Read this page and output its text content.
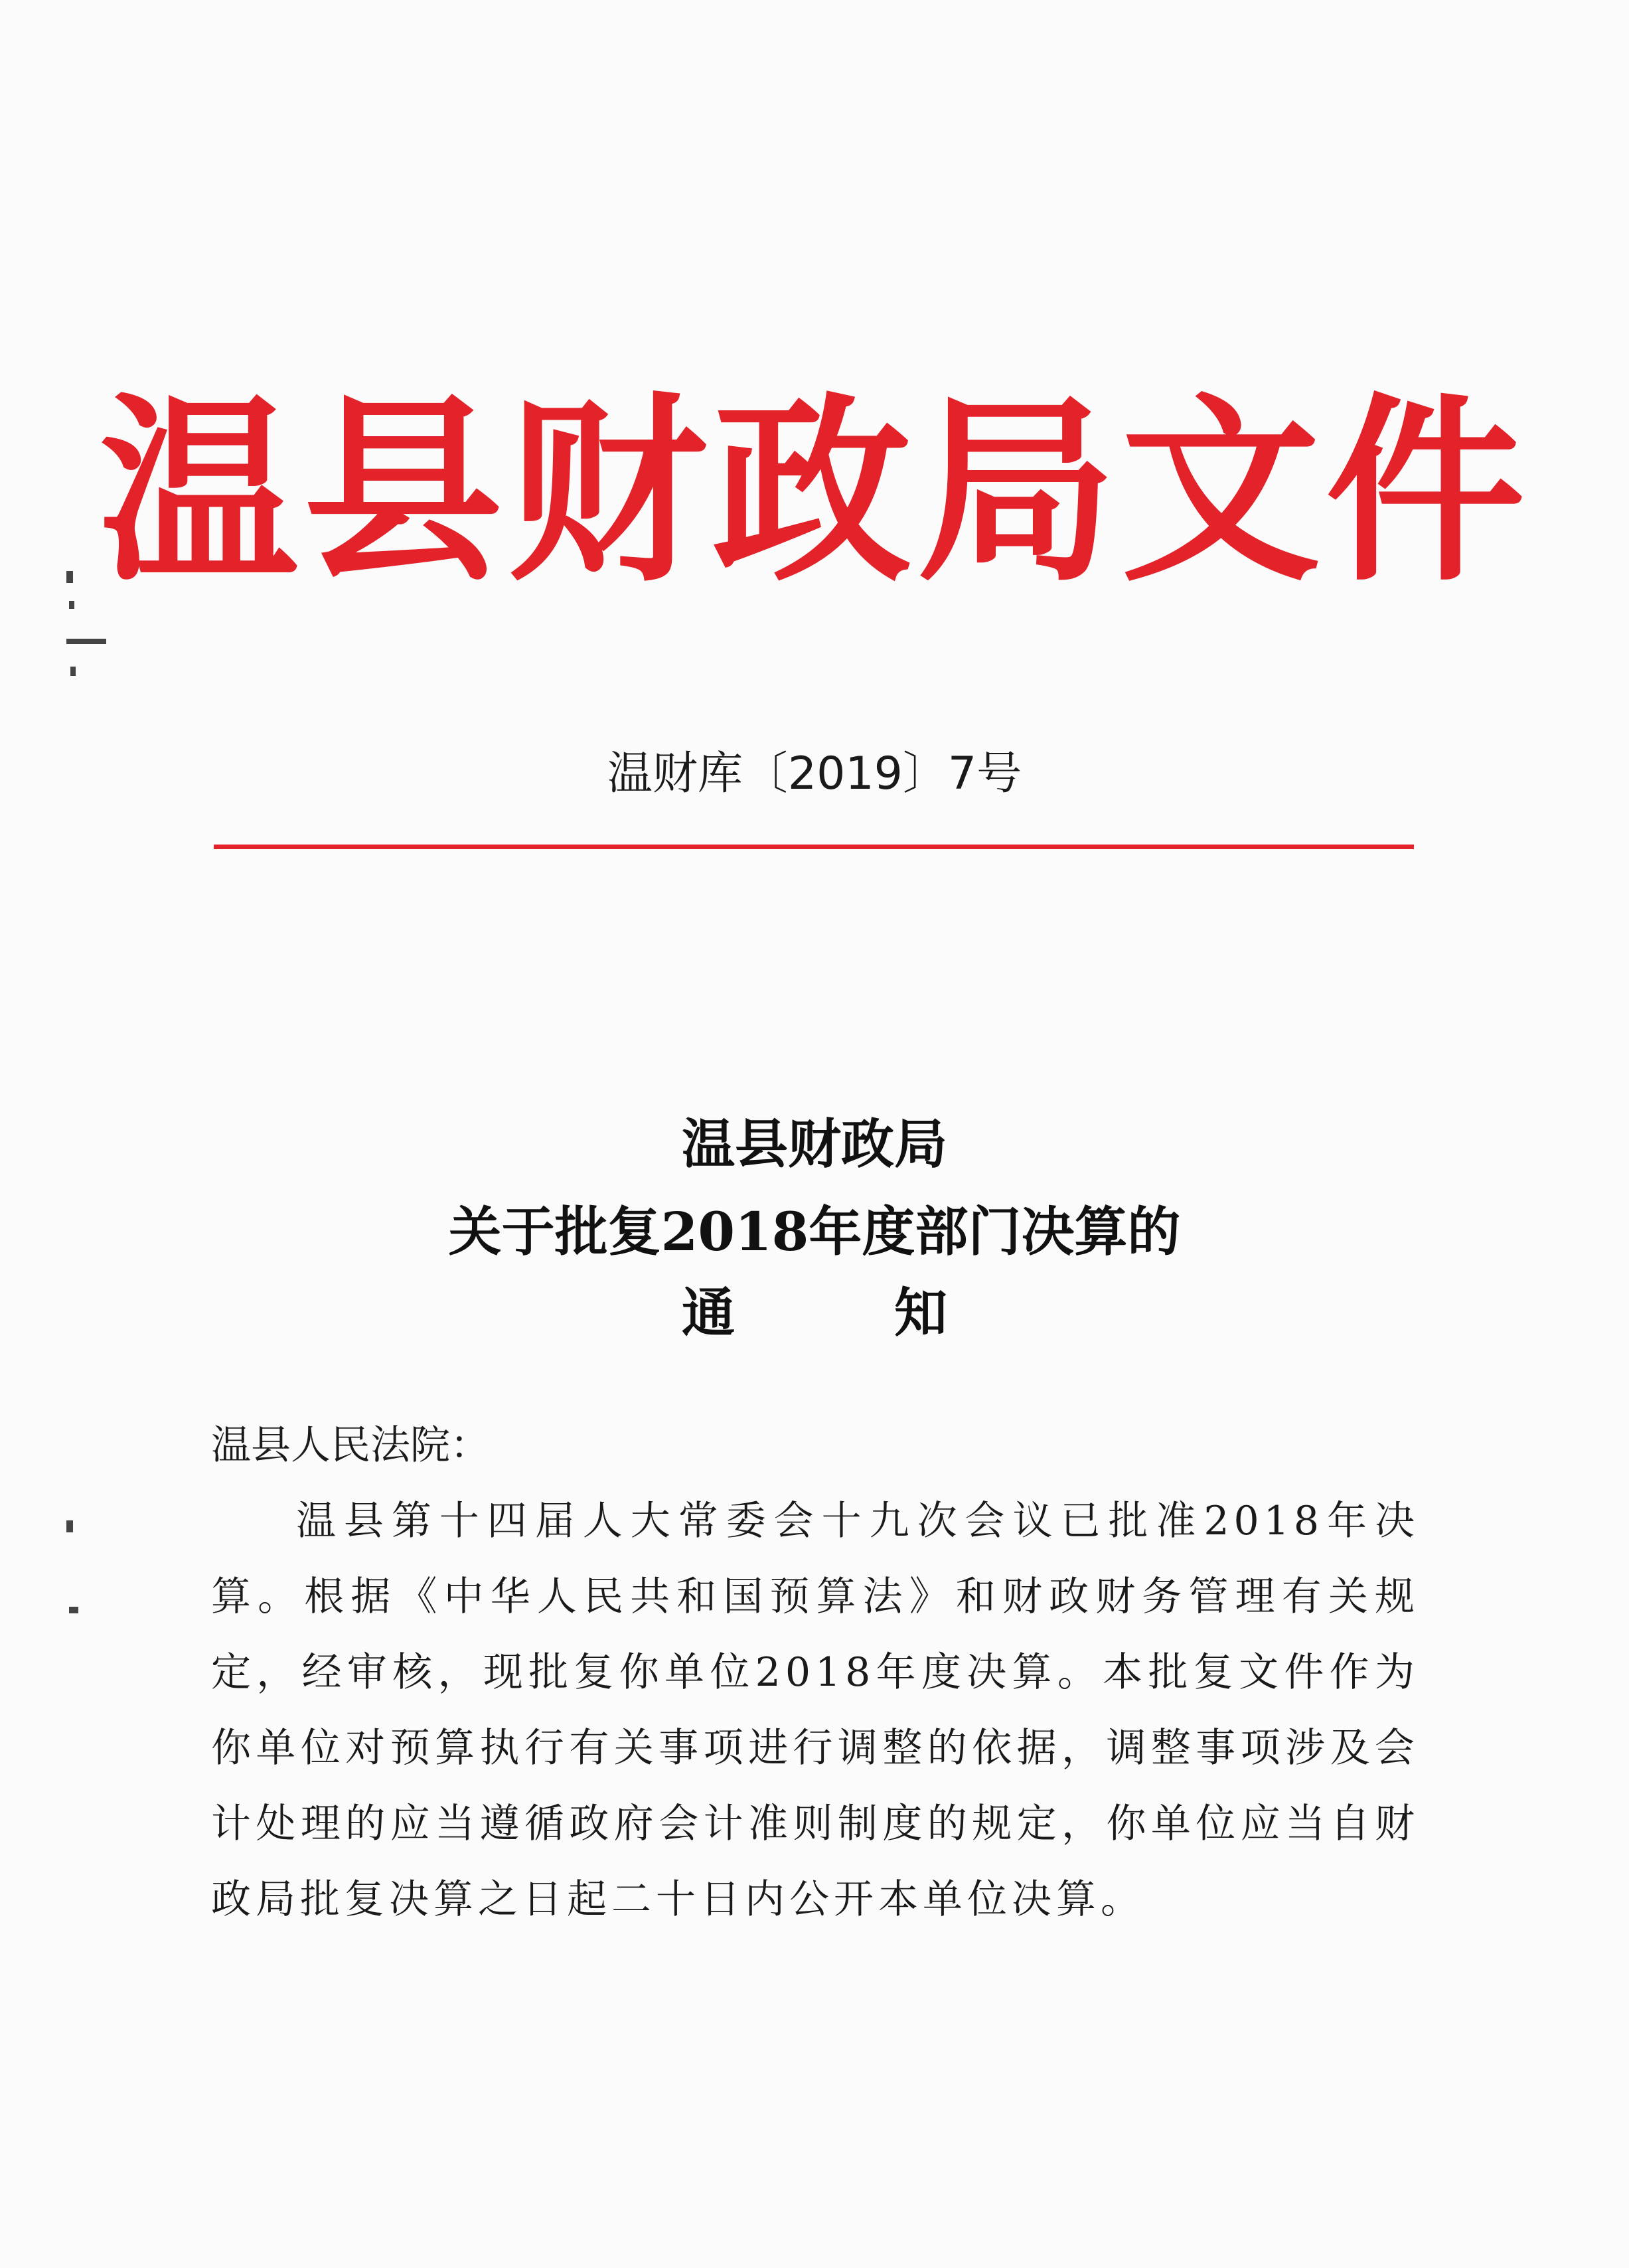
温县财政局文件
温财库〔2019〕7号
温县财政局
关于批复2018年度部门决算的
通知
温县人民法院：
温县第十四届人大常委会十九次会议已批准2018年决算。根据《中华人民共和国预算法》和财政财务管理有关规定，经审核，现批复你单位2018年度决算。本批复文件作为你单位对预算执行有关事项进行调整的依据，调整事项涉及会计处理的应当遵循政府会计准则制度的规定，你单位应当自财政局批复决算之日起二十日内公开本单位决算。
